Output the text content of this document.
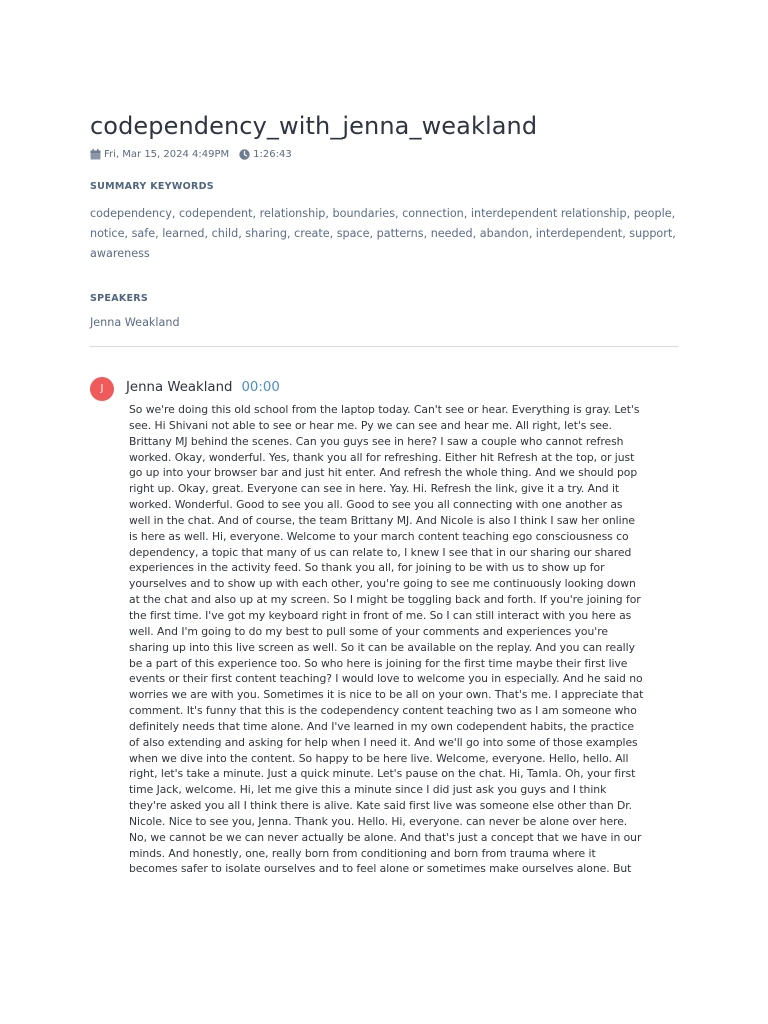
codependency_with_jenna_weakland
Fri, Mar 15, 2024 4:49PM 1:26:43
SUMMARY KEYWORDS

codependency, codependent, relationship, boundaries, connection, interdependent relationship, people, notice, safe, learned, child, sharing, create, space, patterns, needed, abandon, interdependent, support, awareness

SPEAKERS

Jenna Weakland

J	Jenna Weakland 00:00

So we're doing this old school from the laptop today. Can't see or hear. Everything is gray. Let's
see. Hi Shivani not able to see or hear me. Py we can see and hear me. All right, let's see.
Brittany MJ behind the scenes. Can you guys see in here? I saw a couple who cannot refresh
worked. Okay, wonderful. Yes, thank you all for refreshing. Either hit Refresh at the top, or just
go up into your browser bar and just hit enter. And refresh the whole thing. And we should pop
right up. Okay, great. Everyone can see in here. Yay. Hi. Refresh the link, give it a try. And it
worked. Wonderful. Good to see you all. Good to see you all connecting with one another as
well in the chat. And of course, the team Brittany MJ. And Nicole is also I think I saw her online
is here as well. Hi, everyone. Welcome to your march content teaching ego consciousness co
dependency, a topic that many of us can relate to, I knew I see that in our sharing our shared
experiences in the activity feed. So thank you all, for joining to be with us to show up for
yourselves and to show up with each other, you're going to see me continuously looking down
at the chat and also up at my screen. So I might be toggling back and forth. If you're joining for
the first time. I've got my keyboard right in front of me. So I can still interact with you here as
well. And I'm going to do my best to pull some of your comments and experiences you're
sharing up into this live screen as well. So it can be available on the replay. And you can really
be a part of this experience too. So who here is joining for the first time maybe their first live
events or their first content teaching? I would love to welcome you in especially. And he said no
worries we are with you. Sometimes it is nice to be all on your own. That's me. I appreciate that
comment. It's funny that this is the codependency content teaching two as I am someone who
definitely needs that time alone. And I've learned in my own codependent habits, the practice
of also extending and asking for help when I need it. And we'll go into some of those examples
when we dive into the content. So happy to be here live. Welcome, everyone. Hello, hello. All
right, let's take a minute. Just a quick minute. Let's pause on the chat. Hi, Tamla. Oh, your first
time Jack, welcome. Hi, let me give this a minute since I did just ask you guys and I think
they're asked you all I think there is alive. Kate said first live was someone else other than Dr.
Nicole. Nice to see you, Jenna. Thank you. Hello. Hi, everyone. can never be alone over here.
No, we cannot be we can never actually be alone. And that's just a concept that we have in our
minds. And honestly, one, really born from conditioning and born from trauma where it
becomes safer to isolate ourselves and to feel alone or sometimes make ourselves alone. But
